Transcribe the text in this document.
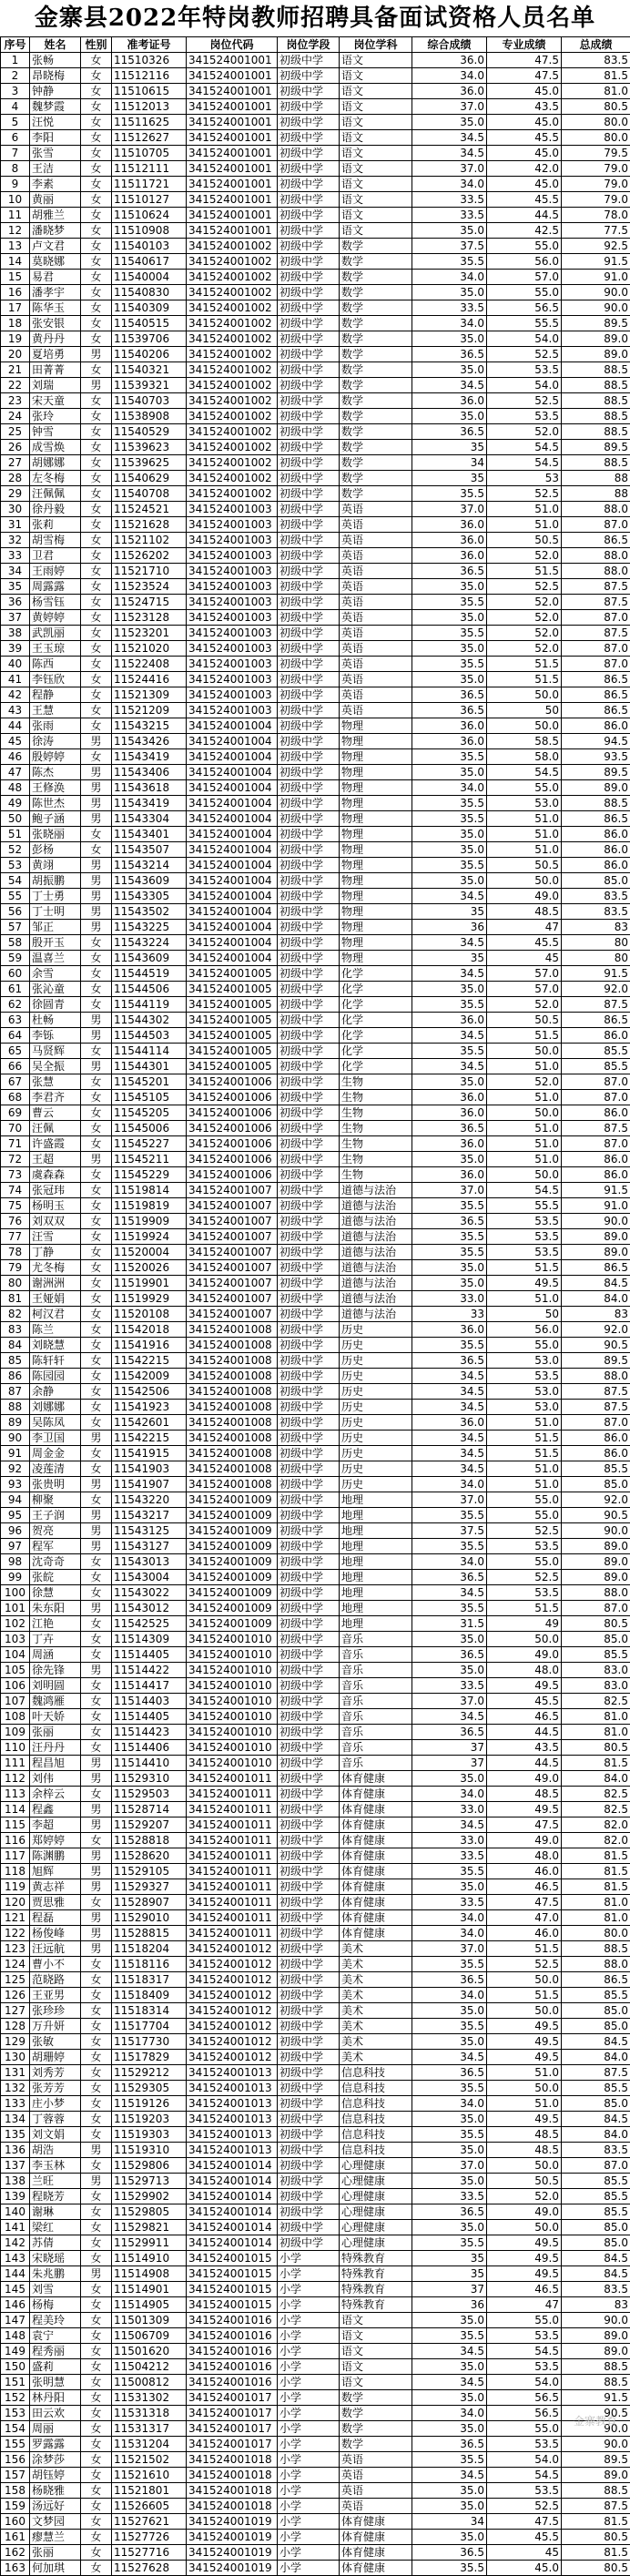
金寨县2022年特岗教师招聘具备面试资格人员名单
序号	姓名	性别	准考证号	岗位代码	岗位学段	岗位学科	综合成绩	专业成绩	总成绩
1	张畅	女	11510326	341524001001	初级中学	语文	36.0	47.5	83.5
2	昂晓梅	女	11512116	341524001001	初级中学	语文	34.0	47.5	81.5
3	钟静	女	11510615	341524001001	初级中学	语文	36.0	45.0	81.0
4	魏梦霞	女	11512013	341524001001	初级中学	语文	37.0	43.5	80.5
5	汪悦	女	11511625	341524001001	初级中学	语文	35.0	45.0	80.0
6	李阳	女	11512627	341524001001	初级中学	语文	34.5	45.5	80.0
7	张雪	女	11510705	341524001001	初级中学	语文	34.5	45.0	79.5
8	王洁	女	11512111	341524001001	初级中学	语文	37.0	42.0	79.0
9	李素	女	11511721	341524001001	初级中学	语文	34.0	45.0	79.0
10	黄丽	女	11510127	341524001001	初级中学	语文	33.5	45.5	79.0
11	胡雅兰	女	11510624	341524001001	初级中学	语文	33.5	44.5	78.0
12	潘晓梦	女	11510908	341524001001	初级中学	语文	35.0	42.5	77.5
13	卢文君	女	11540103	341524001002	初级中学	数学	37.5	55.0	92.5
14	莫晓娜	女	11540617	341524001002	初级中学	数学	35.5	56.0	91.5
15	易君	女	11540004	341524001002	初级中学	数学	34.0	57.0	91.0
16	潘孝宇	女	11540830	341524001002	初级中学	数学	35.0	55.0	90.0
17	陈华玉	女	11540309	341524001002	初级中学	数学	33.5	56.5	90.0
18	张安银	女	11540515	341524001002	初级中学	数学	34.0	55.5	89.5
19	黄丹丹	女	11539706	341524001002	初级中学	数学	35.0	54.0	89.0
20	夏培勇	男	11540206	341524001002	初级中学	数学	36.5	52.5	89.0
21	田菁菁	女	11540321	341524001002	初级中学	数学	35.0	53.5	88.5
22	刘瑞	男	11539321	341524001002	初级中学	数学	34.5	54.0	88.5
23	宋天童	女	11540703	341524001002	初级中学	数学	36.0	52.5	88.5
24	张玲	女	11538908	341524001002	初级中学	数学	35.0	53.5	88.5
25	钟雪	女	11540529	341524001002	初级中学	数学	36.5	52.0	88.5
26	成雪焕	女	11539623	341524001002	初级中学	数学	35	54.5	89.5
27	胡娜娜	女	11539625	341524001002	初级中学	数学	34	54.5	88.5
28	左冬梅	女	11540629	341524001002	初级中学	数学	35	53	88
29	汪佩佩	女	11540708	341524001002	初级中学	数学	35.5	52.5	88
30	徐丹毅	女	11524521	341524001003	初级中学	英语	37.0	51.0	88.0
31	张莉	女	11521628	341524001003	初级中学	英语	36.0	51.0	87.0
32	胡雪梅	女	11521102	341524001003	初级中学	英语	36.0	50.5	86.5
33	卫君	女	11526202	341524001003	初级中学	英语	36.0	52.0	88.0
34	王雨婷	女	11521710	341524001003	初级中学	英语	36.5	51.5	88.0
35	周露露	女	11523524	341524001003	初级中学	英语	35.0	52.5	87.5
36	杨雪钰	女	11524715	341524001003	初级中学	英语	35.5	52.0	87.5
37	黄婷婷	女	11523128	341524001003	初级中学	英语	35.0	52.0	87.0
38	武凯丽	女	11523201	341524001003	初级中学	英语	35.5	52.0	87.5
39	王玉琼	女	11521020	341524001003	初级中学	英语	35.0	52.0	87.0
40	陈西	女	11522408	341524001003	初级中学	英语	35.5	51.5	87.0
41	李钰欣	女	11524416	341524001003	初级中学	英语	35.0	51.5	86.5
42	程静	女	11521309	341524001003	初级中学	英语	36.5	50.0	86.5
43	王慧	女	11521209	341524001003	初级中学	英语	36.5	50	86.5
44	张雨	女	11543215	341524001004	初级中学	物理	36.0	50.0	86.0
45	徐涛	男	11543426	341524001004	初级中学	物理	36.0	58.5	94.5
46	殷婷婷	女	11543419	341524001004	初级中学	物理	35.5	58.0	93.5
47	陈杰	男	11543406	341524001004	初级中学	物理	35.0	54.5	89.5
48	王修涣	男	11543618	341524001004	初级中学	物理	34.0	55.0	89.0
49	陈世杰	男	11543419	341524001004	初级中学	物理	35.5	53.0	88.5
50	鲍子涵	男	11543304	341524001004	初级中学	物理	35.5	51.0	86.5
51	张晓丽	女	11543401	341524001004	初级中学	物理	35.0	51.0	86.0
52	彭杨	女	11543507	341524001004	初级中学	物理	35.0	51.0	86.0
53	黄翊	男	11543214	341524001004	初级中学	物理	35.5	50.5	86.0
54	胡振鹏	男	11543609	341524001004	初级中学	物理	35.0	50.0	85.0
55	丁士勇	男	11543305	341524001004	初级中学	物理	34.5	49.0	83.5
56	丁士明	男	11543502	341524001004	初级中学	物理	35	48.5	83.5
57	邹正	男	11543225	341524001004	初级中学	物理	36	47	83
58	殷开玉	女	11543224	341524001004	初级中学	物理	34.5	45.5	80
59	温喜兰	女	11543609	341524001004	初级中学	物理	35	45	80
60	余雪	女	11544519	341524001005	初级中学	化学	34.5	57.0	91.5
61	张沁童	女	11544506	341524001005	初级中学	化学	35.0	57.0	92.0
62	徐圆青	女	11544119	341524001005	初级中学	化学	35.5	52.0	87.5
63	杜畅	男	11544302	341524001005	初级中学	化学	36.0	50.5	86.5
64	李铄	男	11544503	341524001005	初级中学	化学	34.5	51.5	86.0
65	马贤辉	女	11544114	341524001005	初级中学	化学	35.5	50.0	85.5
66	吴全振	男	11544301	341524001005	初级中学	化学	34.5	51.0	85.5
67	张慧	女	11545201	341524001006	初级中学	生物	35.0	52.0	87.0
68	李君齐	女	11545105	341524001006	初级中学	生物	36.0	51.0	87.0
69	曹云	女	11545205	341524001006	初级中学	生物	36.0	50.0	86.0
70	汪佩	女	11545006	341524001006	初级中学	生物	36.5	51.0	87.5
71	许盛霞	女	11545227	341524001006	初级中学	生物	36.0	51.0	87.0
72	王超	男	11545211	341524001006	初级中学	生物	35.0	51.0	86.0
73	虞森森	女	11545229	341524001006	初级中学	生物	36.0	50.0	86.0
74	张冠玮	女	11519814	341524001007	初级中学	道德与法治	37.0	54.5	91.5
75	杨明玉	女	11519819	341524001007	初级中学	道德与法治	35.5	55.5	91.0
76	刘双双	女	11519909	341524001007	初级中学	道德与法治	36.5	53.5	90.0
77	汪雪	女	11519924	341524001007	初级中学	道德与法治	35.5	53.5	89.0
78	丁静	女	11520004	341524001007	初级中学	道德与法治	35.5	53.5	89.0
79	尤冬梅	女	11520026	341524001007	初级中学	道德与法治	35.0	51.5	86.5
80	谢洲洲	女	11519901	341524001007	初级中学	道德与法治	35.0	49.5	84.5
81	王娅娟	女	11519929	341524001007	初级中学	道德与法治	33.0	51.0	84.0
82	柯汉君	女	11520108	341524001007	初级中学	道德与法治	33	50	83
83	陈兰	女	11542018	341524001008	初级中学	历史	36.0	56.0	92.0
84	刘晓慧	女	11541916	341524001008	初级中学	历史	35.5	55.0	90.5
85	陈轩轩	女	11542215	341524001008	初级中学	历史	36.5	53.0	89.5
86	陈园园	女	11542009	341524001008	初级中学	历史	34.5	53.5	88.0
87	余静	女	11542506	341524001008	初级中学	历史	34.5	53.0	87.5
88	刘娜娜	女	11541923	341524001008	初级中学	历史	34.5	53.0	87.5
89	吴陈凤	女	11542601	341524001008	初级中学	历史	36.0	51.0	87.0
90	李卫国	男	11542215	341524001008	初级中学	历史	34.5	51.5	86.0
91	周金金	女	11541915	341524001008	初级中学	历史	34.5	51.5	86.0
92	凌莲清	女	11541903	341524001008	初级中学	历史	34.5	51.0	85.5
93	张贵明	男	11541907	341524001008	初级中学	历史	34.0	51.0	85.0
94	柳聚	女	11543220	341524001009	初级中学	地理	37.0	55.0	92.0
95	王子润	男	11543217	341524001009	初级中学	地理	35.5	55.0	90.5
96	贺亮	男	11543125	341524001009	初级中学	地理	37.5	52.5	90.0
97	程军	男	11543127	341524001009	初级中学	地理	35.5	53.5	89.0
98	沈奇奇	女	11543013	341524001009	初级中学	地理	34.0	55.0	89.0
99	张皖	女	11543004	341524001009	初级中学	地理	36.5	52.5	89.0
100	徐慧	女	11543022	341524001009	初级中学	地理	34.5	53.5	88.0
101	朱东阳	男	11543012	341524001009	初级中学	地理	35.5	51.5	87.0
102	江艳	女	11542525	341524001009	初级中学	地理	31.5	49	80.5
103	丁卉	女	11514309	341524001010	初级中学	音乐	35.0	50.0	85.0
104	周涵	女	11514405	341524001010	初级中学	音乐	36.5	49.0	85.5
105	徐先锋	男	11514422	341524001010	初级中学	音乐	35.0	48.0	83.0
106	刘明圆	女	11514417	341524001010	初级中学	音乐	33.5	49.5	83.0
107	魏鸿雁	女	11514403	341524001010	初级中学	音乐	37.0	45.5	82.5
108	叶天娇	女	11514405	341524001010	初级中学	音乐	34.5	46.5	81.0
109	张丽	女	11514423	341524001010	初级中学	音乐	36.5	44.5	81.0
110	汪丹丹	女	11514406	341524001010	初级中学	音乐	37	43.5	80.5
111	程昌旭	男	11514410	341524001010	初级中学	音乐	37	44.5	81.5
112	刘伟	男	11529310	341524001011	初级中学	体育健康	35.0	49.0	84.0
113	余梓云	女	11529503	341524001011	初级中学	体育健康	34.0	48.5	82.5
114	程鑫	男	11528714	341524001011	初级中学	体育健康	33.0	49.5	82.5
115	李超	男	11529207	341524001011	初级中学	体育健康	34.5	47.5	82.0
116	郑婷婷	女	11528818	341524001011	初级中学	体育健康	33.0	49.0	82.0
117	陈渊鹏	男	11528620	341524001011	初级中学	体育健康	33.5	48.0	81.5
118	旭辉	男	11529105	341524001011	初级中学	体育健康	35.5	46.0	81.5
119	黄志祥	男	11529327	341524001011	初级中学	体育健康	35.0	46.5	81.5
120	贾思雅	女	11528907	341524001011	初级中学	体育健康	33.5	47.5	81.0
121	程磊	男	11529010	341524001011	初级中学	体育健康	34.0	47.0	81.0
122	杨俊峰	男	11528815	341524001011	初级中学	体育健康	34.0	46.0	80.0
123	汪远航	男	11518204	341524001012	初级中学	美术	37.0	51.5	88.5
124	曹小不	女	11518116	341524001012	初级中学	美术	35.5	52.5	88.0
125	范晓路	女	11518317	341524001012	初级中学	美术	36.5	50.0	86.5
126	王亚男	女	11518409	341524001012	初级中学	美术	34.0	51.5	85.5
127	张珍珍	女	11518314	341524001012	初级中学	美术	35.0	50.0	85.0
128	万升妍	女	11517704	341524001012	初级中学	美术	35.5	49.5	85.0
129	张敏	女	11517730	341524001012	初级中学	美术	35.0	49.5	84.5
130	胡珊婷	女	11517829	341524001012	初级中学	美术	34.5	49.5	84.0
131	刘秀芳	女	11529212	341524001013	初级中学	信息科技	36.5	51.0	87.5
132	张芳芳	女	11529305	341524001013	初级中学	信息科技	35.5	50.0	85.5
133	庄小梦	女	11519126	341524001013	初级中学	信息科技	34.0	51.0	85.0
134	丁蓉蓉	女	11519203	341524001013	初级中学	信息科技	35.0	49.5	84.5
135	刘文娟	女	11519303	341524001013	初级中学	信息科技	35.5	48.5	84.0
136	胡浩	男	11519310	341524001013	初级中学	信息科技	35.0	48.5	83.5
137	李玉林	女	11529806	341524001014	初级中学	心理健康	37.0	50.0	87.0
138	兰旺	男	11529713	341524001014	初级中学	心理健康	35.0	50.5	85.5
139	程晓芳	女	11529902	341524001014	初级中学	心理健康	33.5	52.0	85.5
140	谢琳	女	11529805	341524001014	初级中学	心理健康	36.5	49.0	85.5
141	梁红	女	11529821	341524001014	初级中学	心理健康	35.0	50.0	85.0
142	苏倩	女	11529911	341524001014	初级中学	心理健康	35.5	49.5	85.0
143	宋晓瑶	女	11514910	341524001015	小学	特殊教育	35	49.5	84.5
144	朱兆鹏	男	11514908	341524001015	小学	特殊教育	35	49.5	84.5
145	刘雪	女	11514901	341524001015	小学	特殊教育	37	46.5	83.5
146	杨梅	女	11514905	341524001015	小学	特殊教育	36	47	83
147	程美玲	女	11501309	341524001016	小学	语文	35.0	55.0	90.0
148	袁宁	女	11506709	341524001016	小学	语文	35.5	53.5	89.0
149	程秀丽	女	11501620	341524001016	小学	语文	34.5	54.5	89.0
150	盛莉	女	11504212	341524001016	小学	语文	35.0	53.5	88.5
151	张明慧	女	11500812	341524001016	小学	语文	34.5	54.0	88.5
152	林丹阳	女	11531302	341524001017	小学	数学	35.0	56.5	91.5
153	田云欢	女	11531318	341524001017	小学	数学	34.0	56.5	90.5
154	周丽	女	11531317	341524001017	小学	数学	35.0	55.0	90.0
155	罗露露	女	11531204	341524001017	小学	数学	36.5	53.5	90.0
156	涂梦莎	女	11521502	341524001018	小学	英语	35.5	54.0	89.5
157	胡钰婷	女	11521610	341524001018	小学	英语	34.5	54.5	89.0
158	杨晓雅	女	11521801	341524001018	小学	英语	35.0	53.5	88.5
159	汤远好	女	11526605	341524001018	小学	英语	35.0	52.5	87.5
160	文梦园	女	11527621	341524001019	小学	体育健康	34	47.5	81.5
161	瘳慧兰	女	11527726	341524001019	小学	体育健康	35.0	45.5	80.5
162	张丽	女	11527716	341524001019	小学	体育健康	36.5	45	81.5
163	何加琪	女	11527628	341524001019	小学	体育健康	35.5	45.0	80.5
金寨教育
